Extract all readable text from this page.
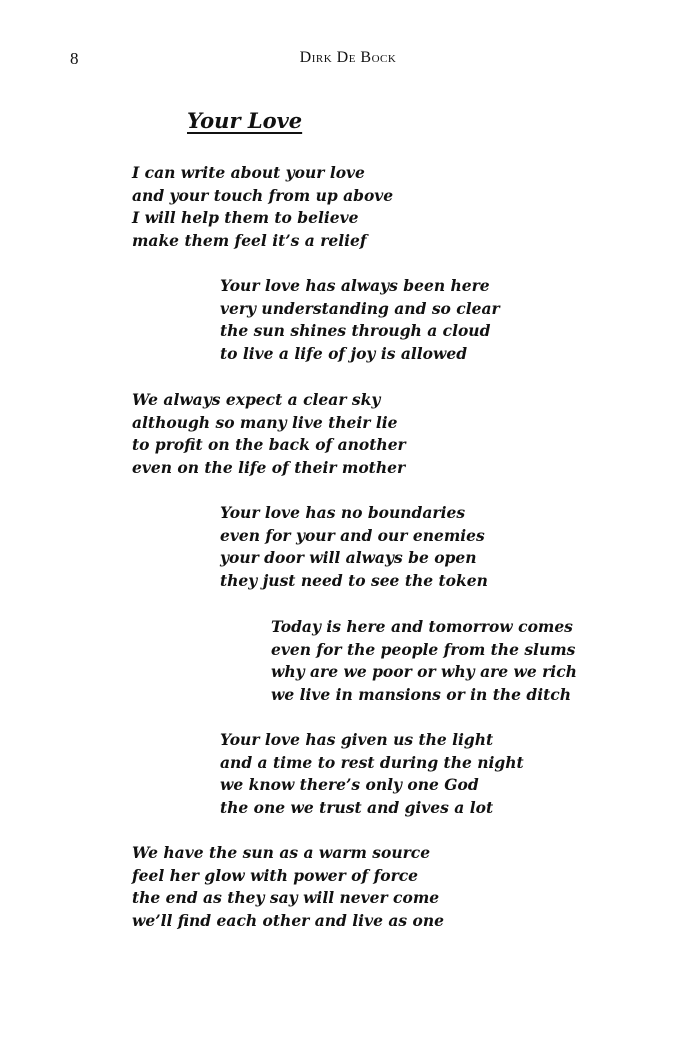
8	Dirk De Bock
Your Love
I can write about your love
and your touch from up above
I will help them to believe
make them feel it’s a relief
Your love has always been here
very understanding and so clear
the sun shines through a cloud
to live a life of joy is allowed
We always expect a clear sky
although so many live their lie
to profit on the back of another
even on the life of their mother
Your love has no boundaries
even for your and our enemies
your door will always be open
they just need to see the token
Today is here and tomorrow comes
even for the people from the slums
why are we poor or why are we rich
we live in mansions or in the ditch
Your love has given us the light
and a time to rest during the night
we know there’s only one God
the one we trust and gives a lot
We have the sun as a warm source
feel her glow with power of force
the end as they say will never come
we’ll find each other and live as one
